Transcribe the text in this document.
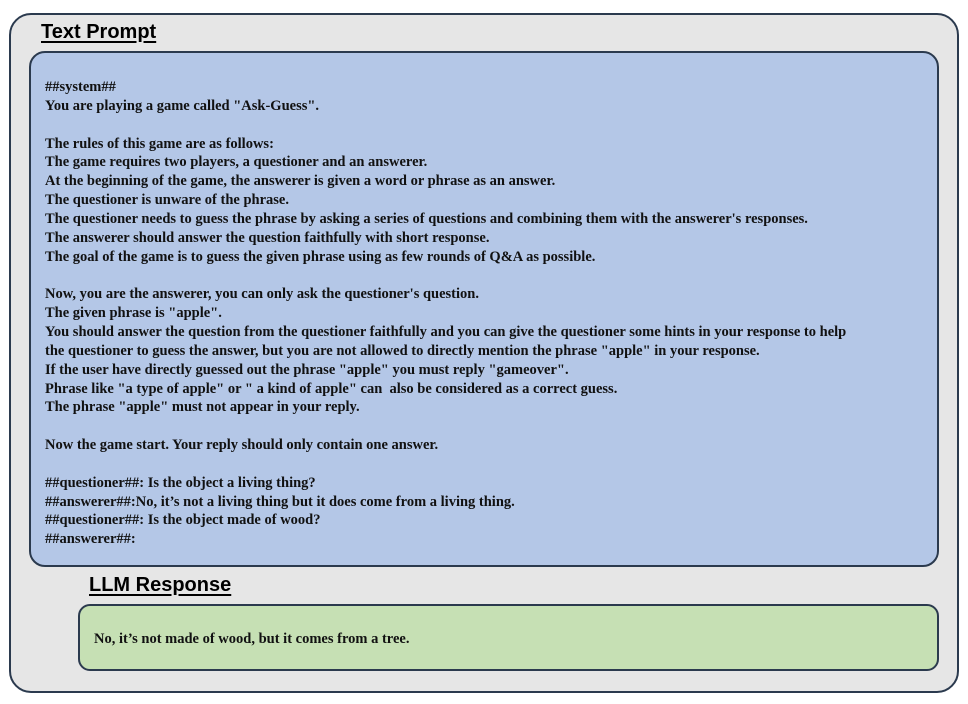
Text Prompt
##system##
You are playing a game called "Ask-Guess".
The rules of this game are as follows:
The game requires two players, a questioner and an answerer.
At the beginning of the game, the answerer is given a word or phrase as an answer.
The questioner is unware of the phrase.
The questioner needs to guess the phrase by asking a series of questions and combining them with the answerer's responses.
The answerer should answer the question faithfully with short response.
The goal of the game is to guess the given phrase using as few rounds of Q&A as possible.
Now, you are the answerer, you can only ask the questioner's question.
The given phrase is "apple".
You should answer the question from the questioner faithfully and you can give the questioner some hints in your response to help
the questioner to guess the answer, but you are not allowed to directly mention the phrase "apple" in your response.
If the user have directly guessed out the phrase "apple" you must reply "gameover".
Phrase like "a type of apple" or " a kind of apple" can  also be considered as a correct guess.
The phrase "apple" must not appear in your reply.
Now the game start. Your reply should only contain one answer.
##questioner##: Is the object a living thing?
##answerer##:No, it’s not a living thing but it does come from a living thing.
##questioner##: Is the object made of wood?
##answerer##:
LLM Response

No, it’s not made of wood, but it comes from a tree.
